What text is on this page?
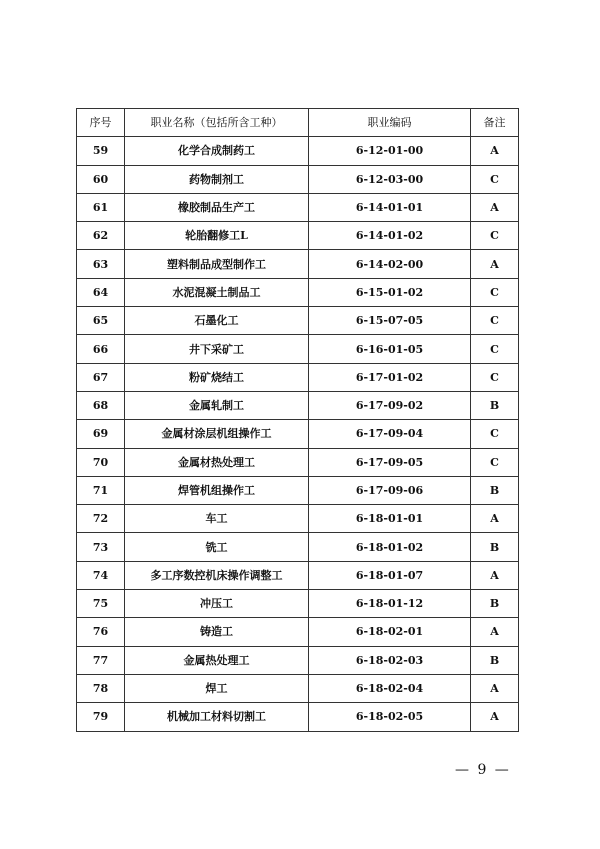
序号	职业名称（包括所含工种）	职业编码	备注
59	化学合成制药工	6-12-01-00	A
60	药物制剂工	6-12-03-00	C
61	橡胶制品生产工	6-14-01-01	A
62	轮胎翻修工L	6-14-01-02	C
63	塑料制品成型制作工	6-14-02-00	A
64	水泥混凝土制品工	6-15-01-02	C
65	石墨化工	6-15-07-05	C
66	井下采矿工	6-16-01-05	C
67	粉矿烧结工	6-17-01-02	C
68	金属轧制工	6-17-09-02	B
69	金属材涂层机组操作工	6-17-09-04	C
70	金属材热处理工	6-17-09-05	C
71	焊管机组操作工	6-17-09-06	B
72	车工	6-18-01-01	A
73	铣工	6-18-01-02	B
74	多工序数控机床操作调整工	6-18-01-07	A
75	冲压工	6-18-01-12	B
76	铸造工	6-18-02-01	A
77	金属热处理工	6-18-02-03	B
78	焊工	6-18-02-04	A
79	机械加工材料切割工	6-18-02-05	A
— 9 —
